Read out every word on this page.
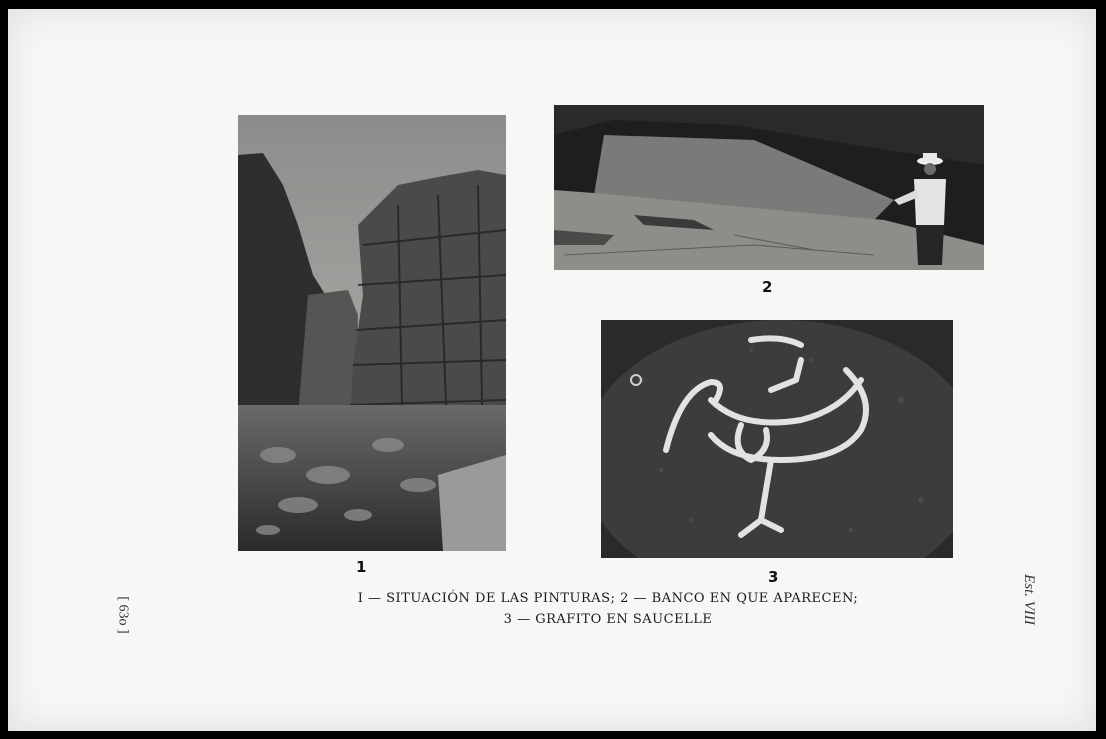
1
2
3
I — SITUACIÓN DE LAS PINTURAS; 2 — BANCO EN QUE APARECEN;
3 — GRAFITO EN SAUCELLE
[ 63o ]	Est. VIII
